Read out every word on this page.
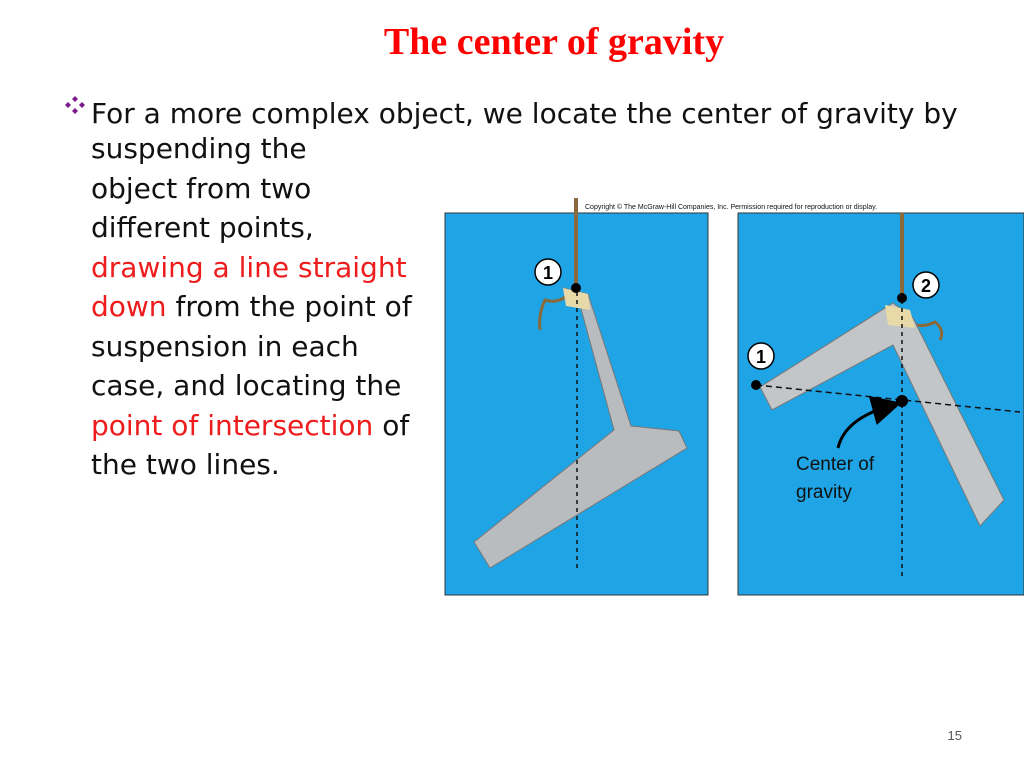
The center of gravity
For a more complex object, we locate the center of gravity by
suspending the
object from two
different points,
drawing a line straight
down from the point of
suspension in each
case, and locating the
point of intersection of
the two lines.
Copyright © The McGraw-Hill Companies, Inc. Permission required for reproduction or display.
1
2
1
Center of
gravity
15
